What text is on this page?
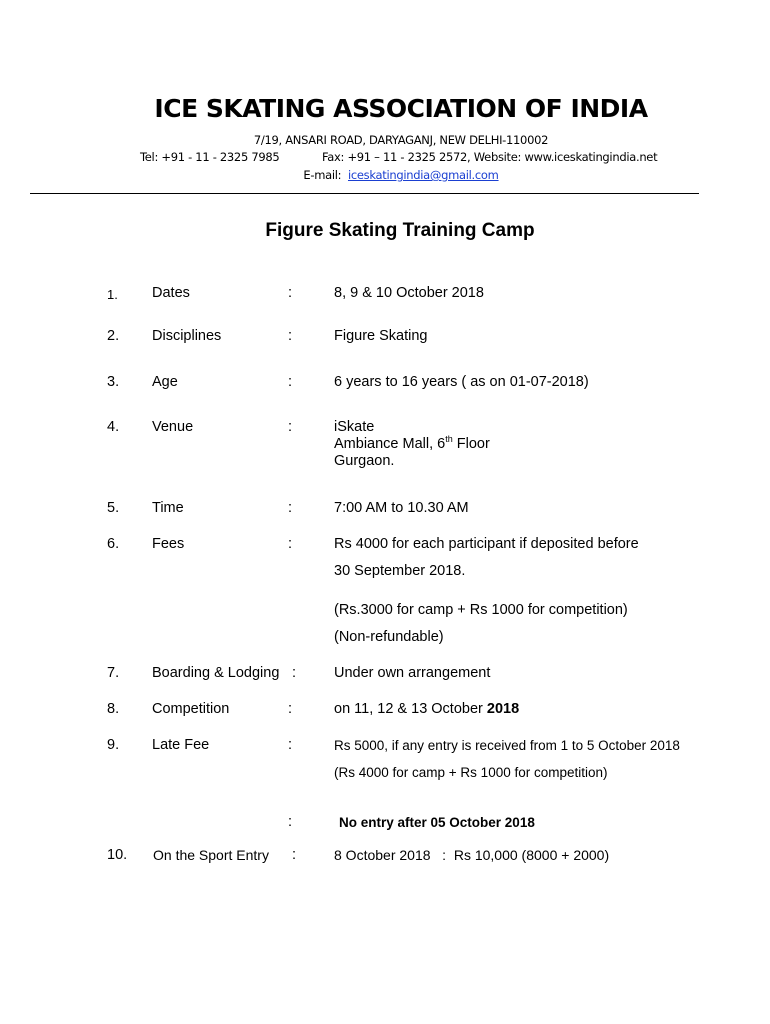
ICE SKATING ASSOCIATION OF INDIA
7/19, ANSARI ROAD, DARYAGANJ, NEW DELHI-110002
Tel: +91 - 11 - 2325 7985	Fax: +91 – 11 - 2325 2572, Website: www.iceskatingindia.net
E-mail: iceskatingindia@gmail.com
Figure Skating Training Camp
1. Dates	:	8, 9 & 10 October 2018
2. Disciplines	:	Figure Skating
3. Age	:	6 years to 16 years ( as on 01-07-2018)
4. Venue	:	iSkate
Ambiance Mall, 6th Floor
Gurgaon.
5. Time	:	7:00 AM to 10.30 AM
6. Fees	:	Rs 4000 for each participant if deposited before
30 September 2018.
(Rs.3000 for camp + Rs 1000 for competition)
(Non-refundable)
7. Boarding & Lodging :	Under own arrangement
8. Competition	:	on 11, 12 & 13 October 2018
9. Late Fee	:	Rs 5000, if any entry is received from 1 to 5 October 2018
(Rs 4000 for camp + Rs 1000 for competition)
:	No entry after 05 October 2018
10. On the Sport Entry :	8 October 2018   :  Rs 10,000 (8000 + 2000)
